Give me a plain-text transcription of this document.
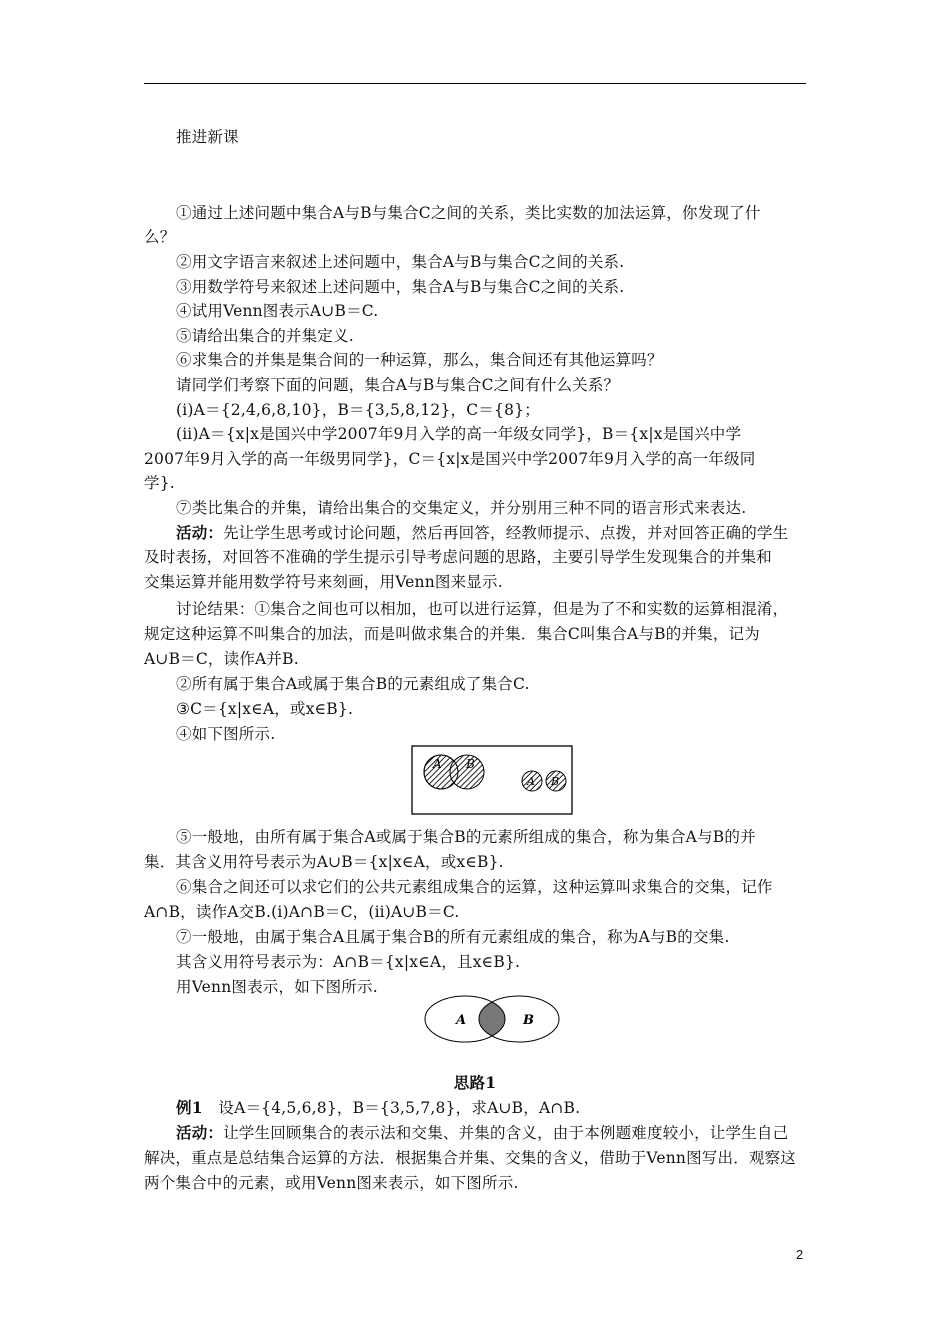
推进新课
①通过上述问题中集合A与B与集合C之间的关系，类比实数的加法运算，你发现了什
么？
②用文字语言来叙述上述问题中，集合A与B与集合C之间的关系.
③用数学符号来叙述上述问题中，集合A与B与集合C之间的关系.
④试用Venn图表示A∪B＝C.
⑤请给出集合的并集定义.
⑥求集合的并集是集合间的一种运算，那么，集合间还有其他运算吗？
请同学们考察下面的问题，集合A与B与集合C之间有什么关系？
(ⅰ)A＝{2,4,6,8,10}，B＝{3,5,8,12}，C＝{8}；
(ⅱ)A＝{x|x是国兴中学2007年9月入学的高一年级女同学}，B＝{x|x是国兴中学
2007年9月入学的高一年级男同学}，C＝{x|x是国兴中学2007年9月入学的高一年级同
学}.
⑦类比集合的并集，请给出集合的交集定义，并分别用三种不同的语言形式来表达.
活动：先让学生思考或讨论问题，然后再回答，经教师提示、点拨，并对回答正确的学生
及时表扬，对回答不准确的学生提示引导考虑问题的思路，主要引导学生发现集合的并集和
交集运算并能用数学符号来刻画，用Venn图来显示.
讨论结果：①集合之间也可以相加，也可以进行运算，但是为了不和实数的运算相混淆，
规定这种运算不叫集合的加法，而是叫做求集合的并集．集合C叫集合A与B的并集，记为
A∪B＝C，读作A并B.
②所有属于集合A或属于集合B的元素组成了集合C.
③C＝{x|x∈A，或x∈B}.
④如下图所示.
A B
A B
⑤一般地，由所有属于集合A或属于集合B的元素所组成的集合，称为集合A与B的并
集．其含义用符号表示为A∪B＝{x|x∈A，或x∈B}.
⑥集合之间还可以求它们的公共元素组成集合的运算，这种运算叫求集合的交集，记作
A∩B，读作A交B.(ⅰ)A∩B＝C，(ⅱ)A∪B＝C.
⑦一般地，由属于集合A且属于集合B的所有元素组成的集合，称为A与B的交集.
其含义用符号表示为：A∩B＝{x|x∈A，且x∈B}.
用Venn图表示，如下图所示.
A	B
思路1
例1　设A＝{4,5,6,8}，B＝{3,5,7,8}，求A∪B，A∩B.
活动：让学生回顾集合的表示法和交集、并集的含义，由于本例题难度较小，让学生自己
解决，重点是总结集合运算的方法．根据集合并集、交集的含义，借助于Venn图写出．观察这
两个集合中的元素，或用Venn图来表示，如下图所示.
2
